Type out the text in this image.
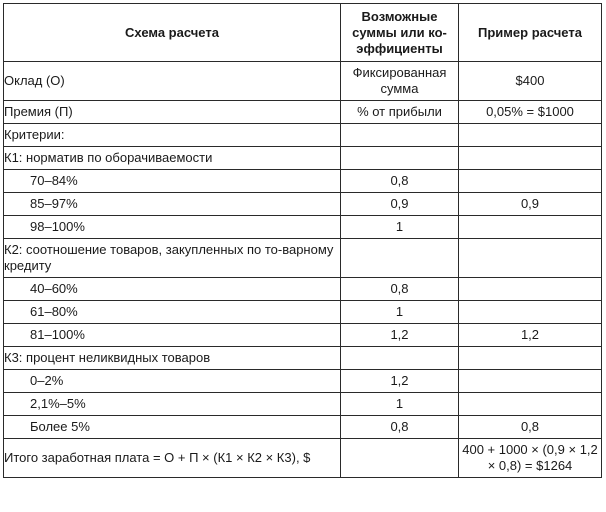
Схема расчета	Возможные суммы или ко-эффициенты	Пример расчета
Оклад (О)	Фиксированная сумма	$400
Премия (П)	% от прибыли	0,05% = $1000
Критерии:		
К1: норматив по оборачиваемости		
70–84%	0,8	
85–97%	0,9	0,9
98–100%	1	
К2: соотношение товаров, закупленных по то-варному кредиту		
40–60%	0,8	
61–80%	1	
81–100%	1,2	1,2
К3: процент неликвидных товаров		
0–2%	1,2	
2,1%–5%	1	
Более 5%	0,8	0,8
Итого заработная плата = О + П × (К1 × К2 × К3), $		400 + 1000 × (0,9 × 1,2 × 0,8) = $1264
